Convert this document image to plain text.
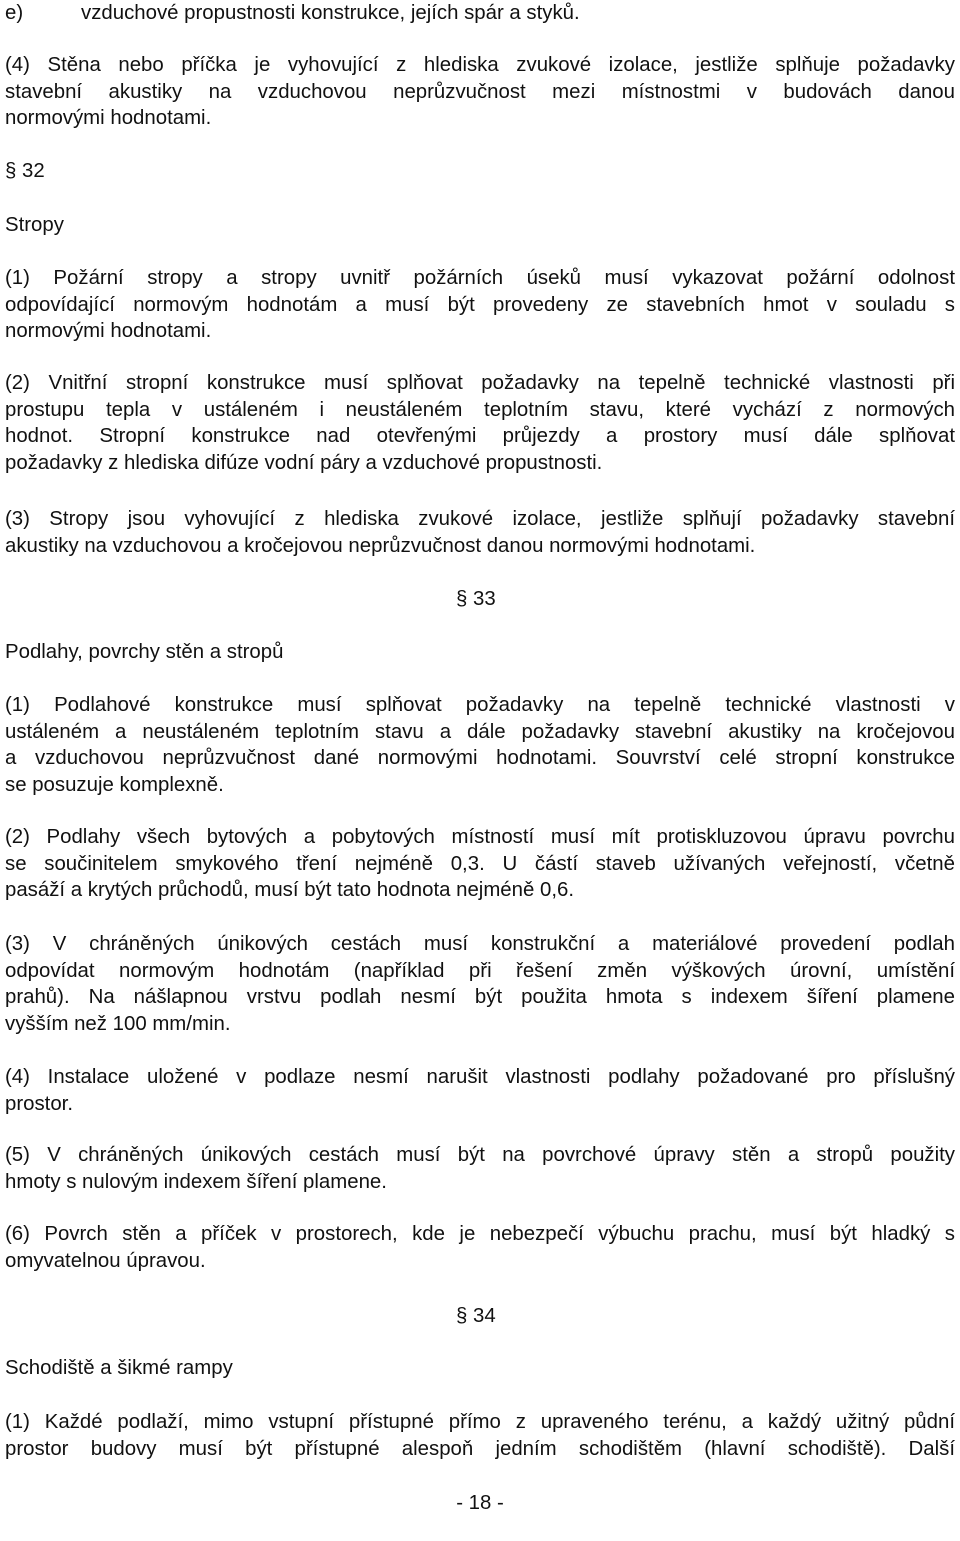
e)	vzduchové propustnosti konstrukce, jejích spár a styků.
(4) Stěna nebo příčka je vyhovující z hlediska zvukové izolace, jestliže splňuje požadavky
stavební akustiky na vzduchovou neprůzvučnost mezi místnostmi v budovách danou
normovými hodnotami.
§ 32
Stropy
(1) Požární stropy a stropy uvnitř požárních úseků musí vykazovat požární odolnost
odpovídající normovým hodnotám a musí být provedeny ze stavebních hmot v souladu s
normovými hodnotami.
(2) Vnitřní stropní konstrukce musí splňovat požadavky na tepelně technické vlastnosti při
prostupu tepla v ustáleném i neustáleném teplotním stavu, které vychází z normových
hodnot. Stropní konstrukce nad otevřenými průjezdy a prostory musí dále splňovat
požadavky z hlediska difúze vodní páry a vzduchové propustnosti.
(3) Stropy jsou vyhovující z hlediska zvukové izolace, jestliže splňují požadavky stavební
akustiky na vzduchovou a kročejovou neprůzvučnost danou normovými hodnotami.
§ 33
Podlahy, povrchy stěn a stropů
(1) Podlahové konstrukce musí splňovat požadavky na tepelně technické vlastnosti v
ustáleném a neustáleném teplotním stavu a dále požadavky stavební akustiky na kročejovou
a vzduchovou neprůzvučnost dané normovými hodnotami. Souvrství celé stropní konstrukce
se posuzuje komplexně.
(2) Podlahy všech bytových a pobytových místností musí mít protiskluzovou úpravu povrchu
se součinitelem smykového tření nejméně 0,3. U částí staveb užívaných veřejností, včetně
pasáží a krytých průchodů, musí být tato hodnota nejméně 0,6.
(3) V chráněných únikových cestách musí konstrukční a materiálové provedení podlah
odpovídat normovým hodnotám (například při řešení změn výškových úrovní, umístění
prahů). Na nášlapnou vrstvu podlah nesmí být použita hmota s indexem šíření plamene
vyšším než 100 mm/min.
(4) Instalace uložené v podlaze nesmí narušit vlastnosti podlahy požadované pro příslušný
prostor.
(5) V chráněných únikových cestách musí být na povrchové úpravy stěn a stropů použity
hmoty s nulovým indexem šíření plamene.
(6) Povrch stěn a příček v prostorech, kde je nebezpečí výbuchu prachu, musí být hladký s
omyvatelnou úpravou.
§ 34
Schodiště a šikmé rampy
(1) Každé podlaží, mimo vstupní přístupné přímo z upraveného terénu, a každý užitný půdní
prostor budovy musí být přístupné alespoň jedním schodištěm (hlavní schodiště). Další
- 18 -
